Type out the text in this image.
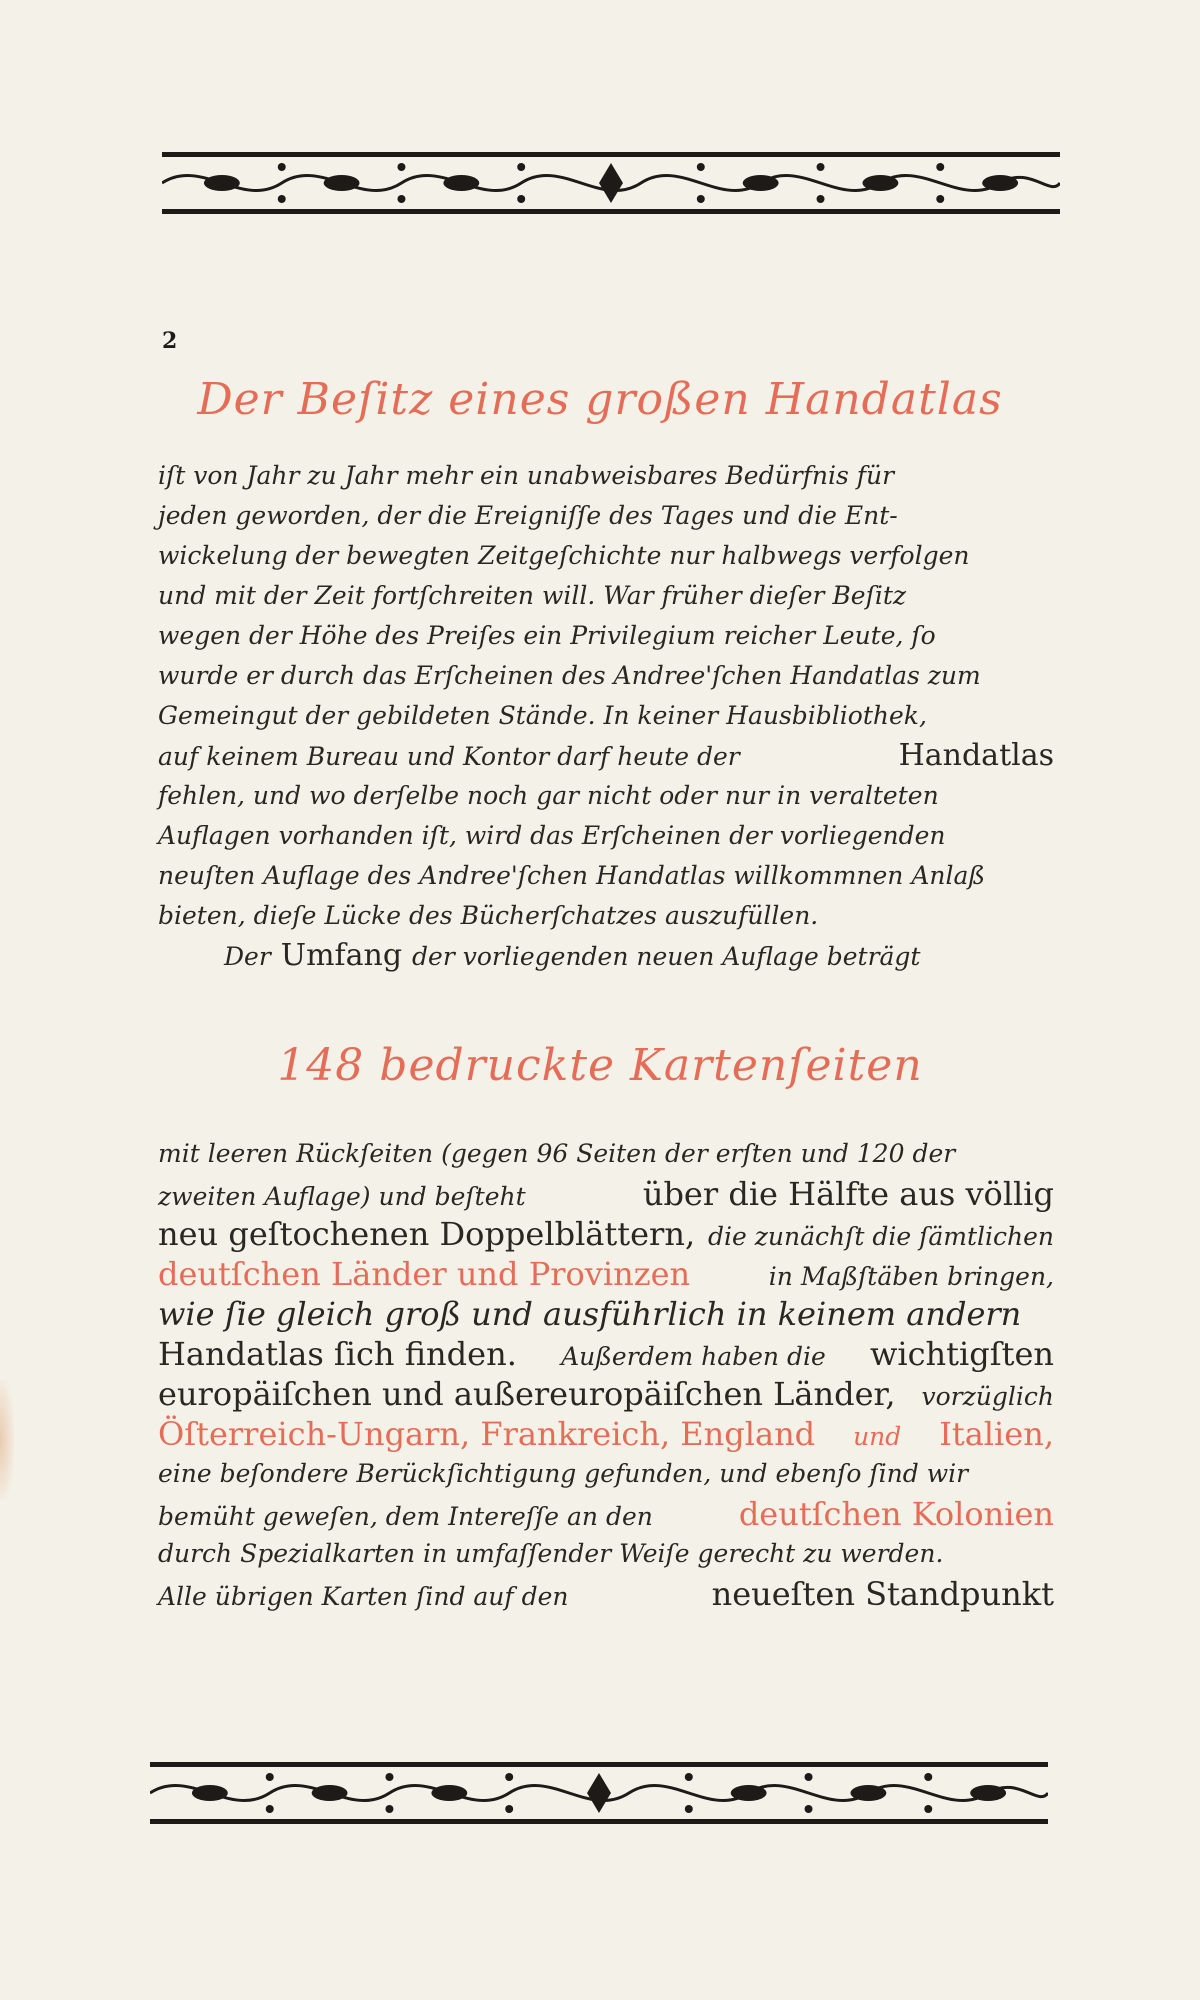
2
Der Beſitz eines großen Handatlas
iſt von Jahr zu Jahr mehr ein unabweisbares Bedürfnis für
jeden geworden, der die Ereigniſſe des Tages und die Ent-
wickelung der bewegten Zeitgeſchichte nur halbwegs verfolgen
und mit der Zeit fortſchreiten will. War früher dieſer Beſitz
wegen der Höhe des Preiſes ein Privilegium reicher Leute, ſo
wurde er durch das Erſcheinen des Andree'ſchen Handatlas zum
Gemeingut der gebildeten Stände. In keiner Hausbibliothek,
auf keinem Bureau und Kontor darf heute der	Handatlas
fehlen, und wo derſelbe noch gar nicht oder nur in veralteten
Auflagen vorhanden iſt, wird das Erſcheinen der vorliegenden
neuſten Auflage des Andree'ſchen Handatlas willkommnen Anlaß
bieten, dieſe Lücke des Bücherſchatzes auszufüllen.
Der Umfang der vorliegenden neuen Auflage beträgt
148 bedruckte Kartenſeiten
mit leeren Rückſeiten (gegen 96 Seiten der erſten und 120 der
zweiten Auflage) und beſteht	über die Hälfte aus völlig
neu geſtochenen Doppelblättern, die zunächſt die ſämtlichen
deutſchen Länder und Provinzen	in Maßſtäben bringen,
wie ſie gleich groß und ausführlich in keinem andern
Handatlas ſich finden. Außerdem haben die wichtigſten
europäiſchen und außereuropäiſchen Länder, vorzüglich
Öſterreich-Ungarn, Frankreich, England und Italien,
eine beſondere Berückſichtigung gefunden, und ebenſo ſind wir
bemüht geweſen, dem Intereſſe an den	deutſchen Kolonien
durch Spezialkarten in umfaſſender Weiſe gerecht zu werden.
Alle übrigen Karten ſind auf den	neueſten Standpunkt
